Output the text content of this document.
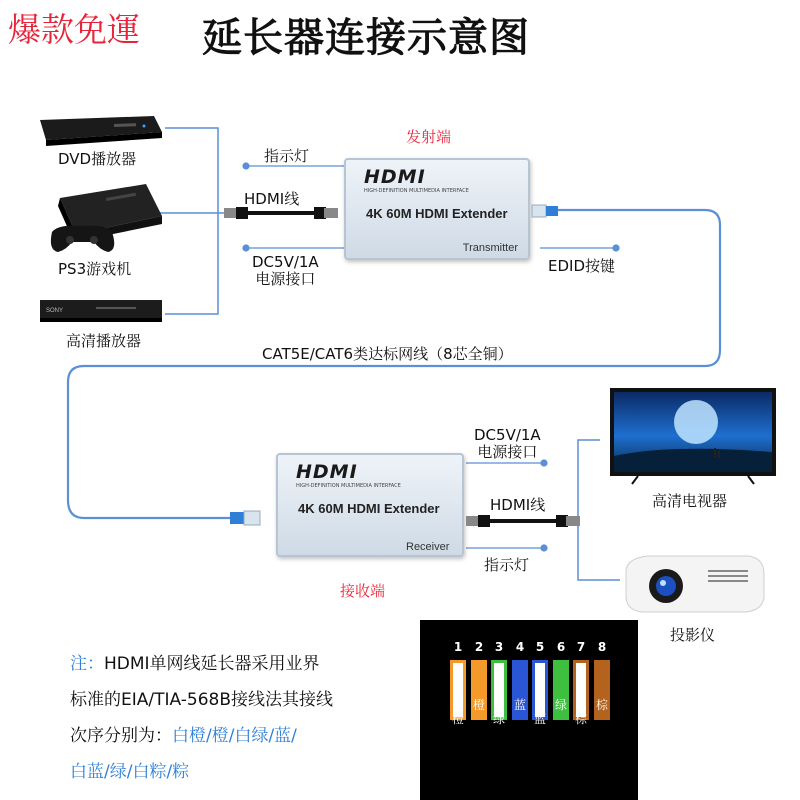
爆款免運 延长器连接示意图
DVD播放器
PS3游戏机
SONY
高清播放器
HDMI线
发射端
指示灯
DC5V/1A
电源接口
EDID按键
HDMI
HIGH-DEFINITION MULTIMEDIA INTERFACE
4K 60M HDMI Extender
Transmitter
CAT5E/CAT6类达标网线（8芯全铜）
HDMI
HIGH-DEFINITION MULTIMEDIA INTERFACE
4K 60M HDMI Extender
Receiver
接收端
DC5V/1A
电源接口
HDMI线
指示灯
高清电视器
投影仪
注：HDMI单网线延长器采用业界
标准的EIA/TIA-568B接线法其接线
次序分别为：白橙/橙/白绿/蓝/
白蓝/绿/白粽/粽
1
白
橙
2
橙
3
白
绿
4
蓝
5
白
蓝
6
绿
7
白
棕
8
棕
